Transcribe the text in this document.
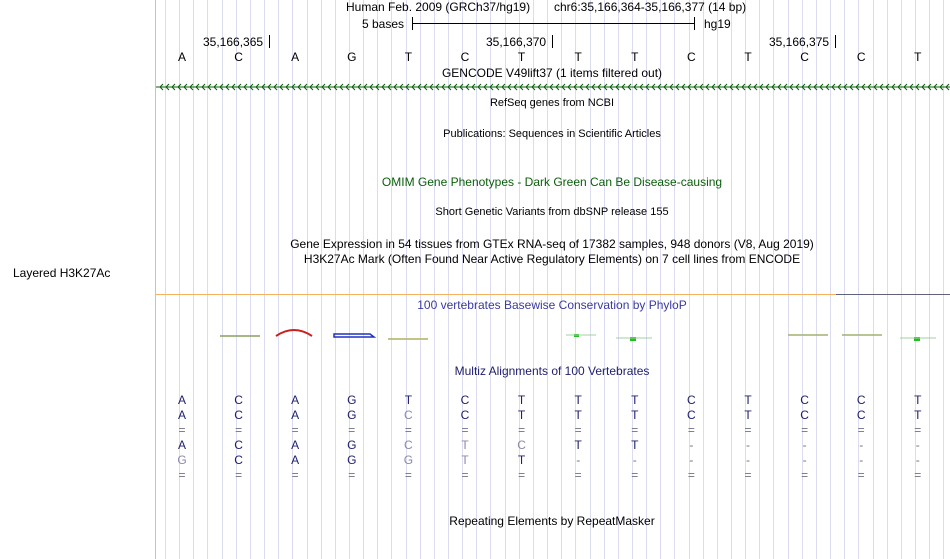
Layered H3K27Ac
Human Feb. 2009 (GRCh37/hg19) chr6:35,166,364-35,166,377 (14 bp)
5 bases	hg19
35,166,365	35,166,370	35,166,375
A	C	A	G	T	C	T	T	T	C	T	C	C	T
GENCODE V49lift37 (1 items filtered out)
RefSeq genes from NCBI
Publications: Sequences in Scientific Articles
OMIM Gene Phenotypes - Dark Green Can Be Disease-causing
Short Genetic Variants from dbSNP release 155
Gene Expression in 54 tissues from GTEx RNA-seq of 17382 samples, 948 donors (V8, Aug 2019)
H3K27Ac Mark (Often Found Near Active Regulatory Elements) on 7 cell lines from ENCODE
100 vertebrates Basewise Conservation by PhyloP
Multiz Alignments of 100 Vertebrates
A	C	A	G	T	C	T	T	T	C	T	C	C	T
A	C	A	G	C	C	T	T	T	C	T	C	C	T
=	=	=	=	=	=	=	=	=	=	=	=	=	=
A	C	A	G	C	T	C	T	T	-	-	-	-	-
G	C	A	G	G	T	T	-	-	-	-	-	-	-
=	=	=	=	=	=	=	=	=	=	=	=	=	=
Repeating Elements by RepeatMasker
